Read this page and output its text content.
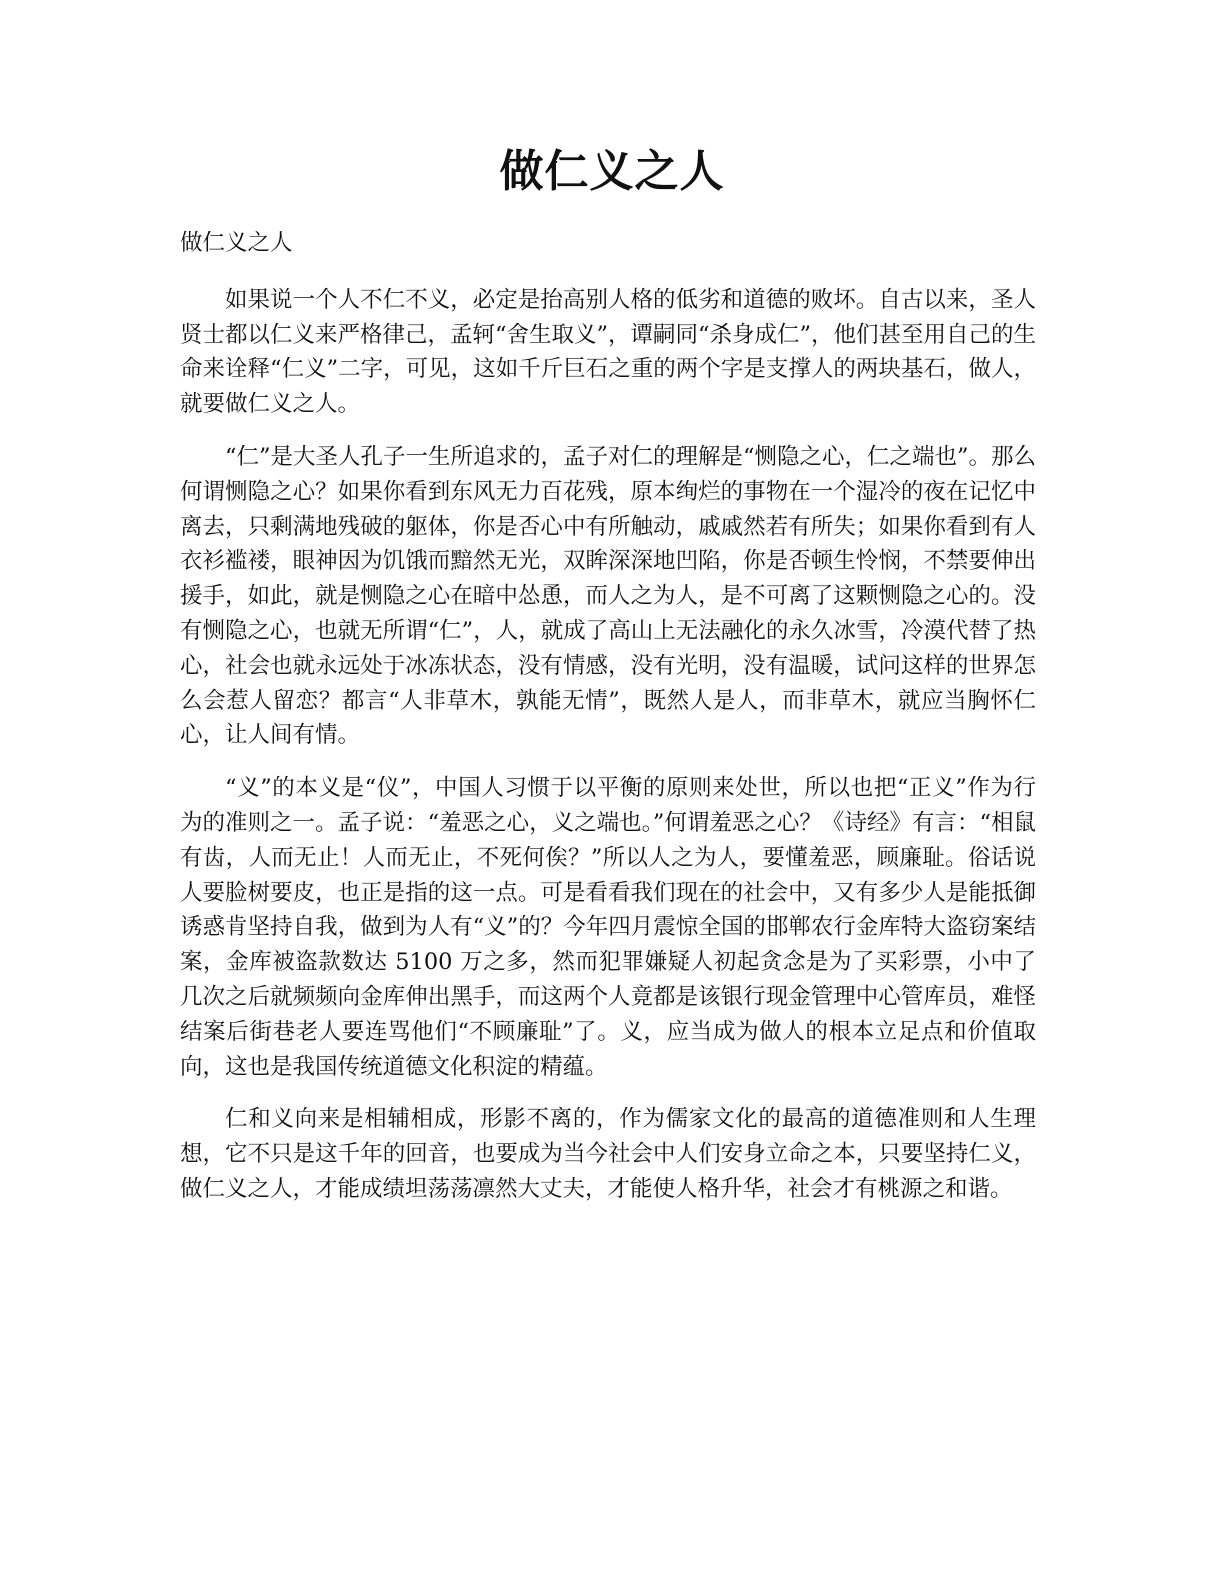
做仁义之人

做仁义之人

如果说一个人不仁不义，必定是抬高别人格的低劣和道德的败坏。自古以来，圣人贤士都以仁义来严格律己，孟轲“舍生取义”，谭嗣同“杀身成仁”，他们甚至用自己的生命来诠释“仁义”二字，可见，这如千斤巨石之重的两个字是支撑人的两块基石，做人，就要做仁义之人。

“仁”是大圣人孔子一生所追求的，孟子对仁的理解是“恻隐之心，仁之端也”。那么何谓恻隐之心？如果你看到东风无力百花残，原本绚烂的事物在一个湿冷的夜在记忆中离去，只剩满地残破的躯体，你是否心中有所触动，戚戚然若有所失；如果你看到有人衣衫褴褛，眼神因为饥饿而黯然无光，双眸深深地凹陷，你是否顿生怜悯，不禁要伸出援手，如此，就是恻隐之心在暗中怂恿，而人之为人，是不可离了这颗恻隐之心的。没有恻隐之心，也就无所谓“仁”，人，就成了高山上无法融化的永久冰雪，冷漠代替了热心，社会也就永远处于冰冻状态，没有情感，没有光明，没有温暖，试问这样的世界怎么会惹人留恋？都言“人非草木，孰能无情”，既然人是人，而非草木，就应当胸怀仁心，让人间有情。

“义”的本义是“仪”，中国人习惯于以平衡的原则来处世，所以也把“正义”作为行为的准则之一。孟子说：“羞恶之心，义之端也。”何谓羞恶之心？《诗经》有言：“相鼠有齿，人而无止！人而无止，不死何俟？”所以人之为人，要懂羞恶，顾廉耻。俗话说人要脸树要皮，也正是指的这一点。可是看看我们现在的社会中，又有多少人是能抵御诱惑肯坚持自我，做到为人有“义”的？今年四月震惊全国的邯郸农行金库特大盗窃案结案，金库被盗款数达 5100 万之多，然而犯罪嫌疑人初起贪念是为了买彩票，小中了几次之后就频频向金库伸出黑手，而这两个人竟都是该银行现金管理中心管库员，难怪结案后街巷老人要连骂他们“不顾廉耻”了。义，应当成为做人的根本立足点和价值取向，这也是我国传统道德文化积淀的精蕴。

仁和义向来是相辅相成，形影不离的，作为儒家文化的最高的道德准则和人生理想，它不只是这千年的回音，也要成为当今社会中人们安身立命之本，只要坚持仁义，做仁义之人，才能成绩坦荡荡凛然大丈夫，才能使人格升华，社会才有桃源之和谐。
